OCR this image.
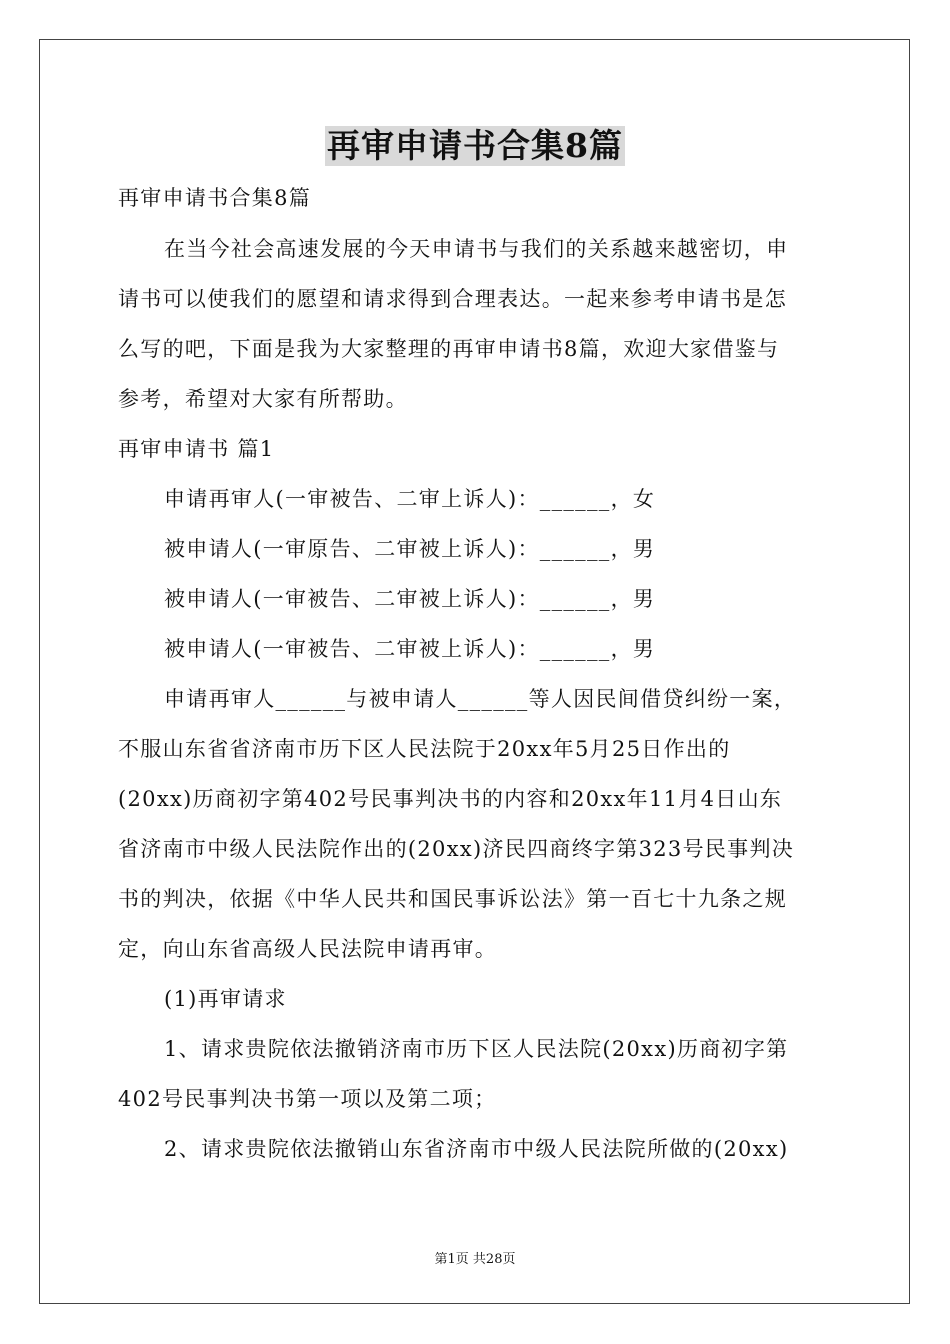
再审申请书合集8篇
再审申请书合集8篇
在当今社会高速发展的今天申请书与我们的关系越来越密切，申
请书可以使我们的愿望和请求得到合理表达。一起来参考申请书是怎
么写的吧，下面是我为大家整理的再审申请书8篇，欢迎大家借鉴与
参考，希望对大家有所帮助。
再审申请书 篇1
申请再审人(一审被告、二审上诉人)：______，女
被申请人(一审原告、二审被上诉人)：______，男
被申请人(一审被告、二审被上诉人)：______，男
被申请人(一审被告、二审被上诉人)：______，男
申请再审人______与被申请人______等人因民间借贷纠纷一案，
不服山东省省济南市历下区人民法院于20xx年5月25日作出的
(20xx)历商初字第402号民事判决书的内容和20xx年11月4日山东
省济南市中级人民法院作出的(20xx)济民四商终字第323号民事判决
书的判决，依据《中华人民共和国民事诉讼法》第一百七十九条之规
定，向山东省高级人民法院申请再审。
(1)再审请求
1、请求贵院依法撤销济南市历下区人民法院(20xx)历商初字第
402号民事判决书第一项以及第二项；
2、请求贵院依法撤销山东省济南市中级人民法院所做的(20xx)
第1页 共28页
